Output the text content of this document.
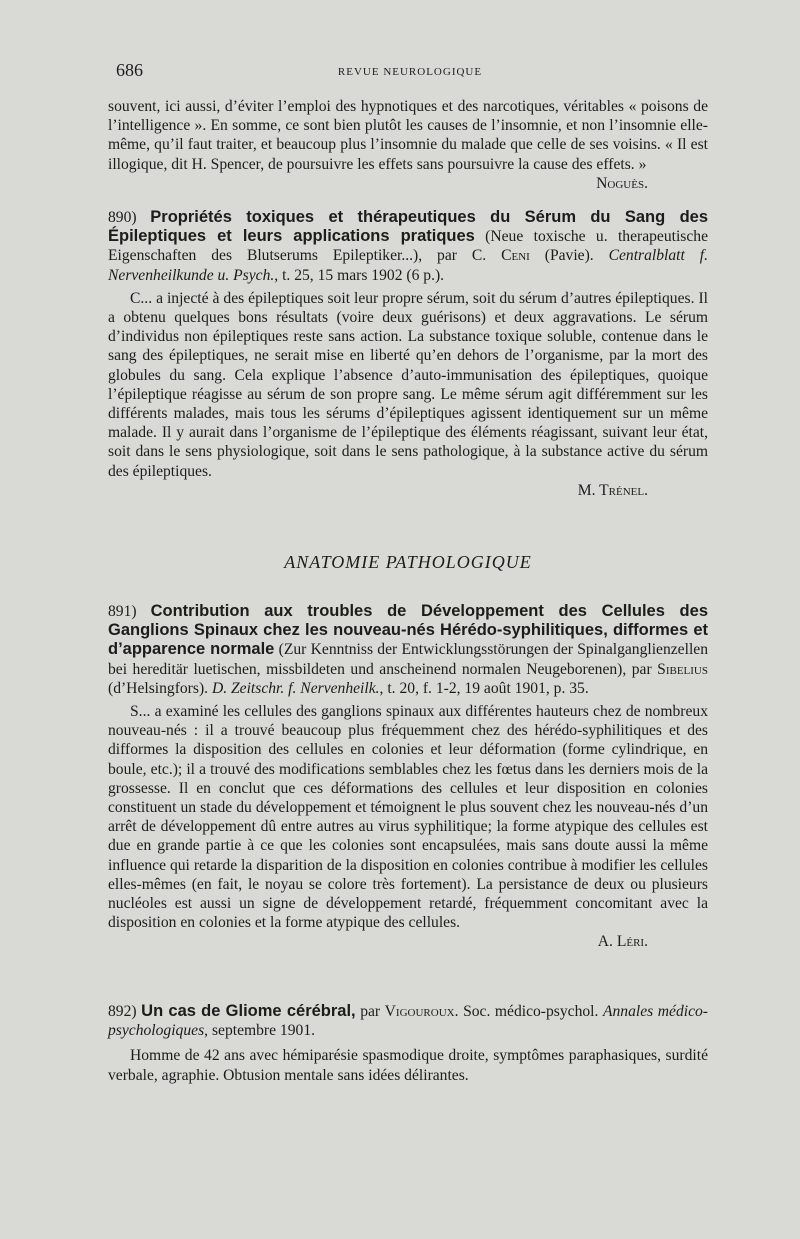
686	REVUE NEUROLOGIQUE

souvent, ici aussi, d’éviter l’emploi des hypnotiques et des narcotiques, véritables « poisons de l’intelligence ». En somme, ce sont bien plutôt les causes de l’insomnie, et non l’insomnie elle-même, qu’il faut traiter, et beaucoup plus l’insomnie du malade que celle de ses voisins. « Il est illogique, dit H. Spencer, de poursuivre les effets sans poursuivre la cause des effets. »

Noguès.

890) Propriétés toxiques et thérapeutiques du Sérum du Sang des Épileptiques et leurs applications pratiques (Neue toxische u. therapeutische Eigenschaften des Blutserums Epileptiker...), par C. Ceni (Pavie). Centralblatt f. Nervenheilkunde u. Psych., t. 25, 15 mars 1902 (6 p.).

C... a injecté à des épileptiques soit leur propre sérum, soit du sérum d’autres épileptiques. Il a obtenu quelques bons résultats (voire deux guérisons) et deux aggravations. Le sérum d’individus non épileptiques reste sans action. La substance toxique soluble, contenue dans le sang des épileptiques, ne serait mise en liberté qu’en dehors de l’organisme, par la mort des globules du sang. Cela explique l’absence d’auto-immunisation des épileptiques, quoique l’épileptique réagisse au sérum de son propre sang. Le même sérum agit différemment sur les différents malades, mais tous les sérums d’épileptiques agissent identiquement sur un même malade. Il y aurait dans l’organisme de l’épileptique des éléments réagissant, suivant leur état, soit dans le sens physiologique, soit dans le sens pathologique, à la substance active du sérum des épileptiques.

M. Trénel.

ANATOMIE PATHOLOGIQUE

891) Contribution aux troubles de Développement des Cellules des Ganglions Spinaux chez les nouveau-nés Hérédo-syphilitiques, difformes et d’apparence normale (Zur Kenntniss der Entwicklungsstörungen der Spinalganglienzellen bei hereditär luetischen, missbildeten und anscheinend normalen Neugeborenen), par Sibelius (d’Helsingfors). D. Zeitschr. f. Nervenheilk., t. 20, f. 1-2, 19 août 1901, p. 35.

S... a examiné les cellules des ganglions spinaux aux différentes hauteurs chez de nombreux nouveau-nés : il a trouvé beaucoup plus fréquemment chez des hérédo-syphilitiques et des difformes la disposition des cellules en colonies et leur déformation (forme cylindrique, en boule, etc.); il a trouvé des modifications semblables chez les fœtus dans les derniers mois de la grossesse. Il en conclut que ces déformations des cellules et leur disposition en colonies constituent un stade du développement et témoignent le plus souvent chez les nouveau-nés d’un arrêt de développement dû entre autres au virus syphilitique; la forme atypique des cellules est due en grande partie à ce que les colonies sont encapsulées, mais sans doute aussi la même influence qui retarde la disparition de la disposition en colonies contribue à modifier les cellules elles-mêmes (en fait, le noyau se colore très fortement). La persistance de deux ou plusieurs nucléoles est aussi un signe de développement retardé, fréquemment concomitant avec la disposition en colonies et la forme atypique des cellules.

A. Léri.

892) Un cas de Gliome cérébral, par Vigouroux. Soc. médico-psychol. Annales médico-psychologiques, septembre 1901.

Homme de 42 ans avec hémiparésie spasmodique droite, symptômes paraphasiques, surdité verbale, agraphie. Obtusion mentale sans idées délirantes.
